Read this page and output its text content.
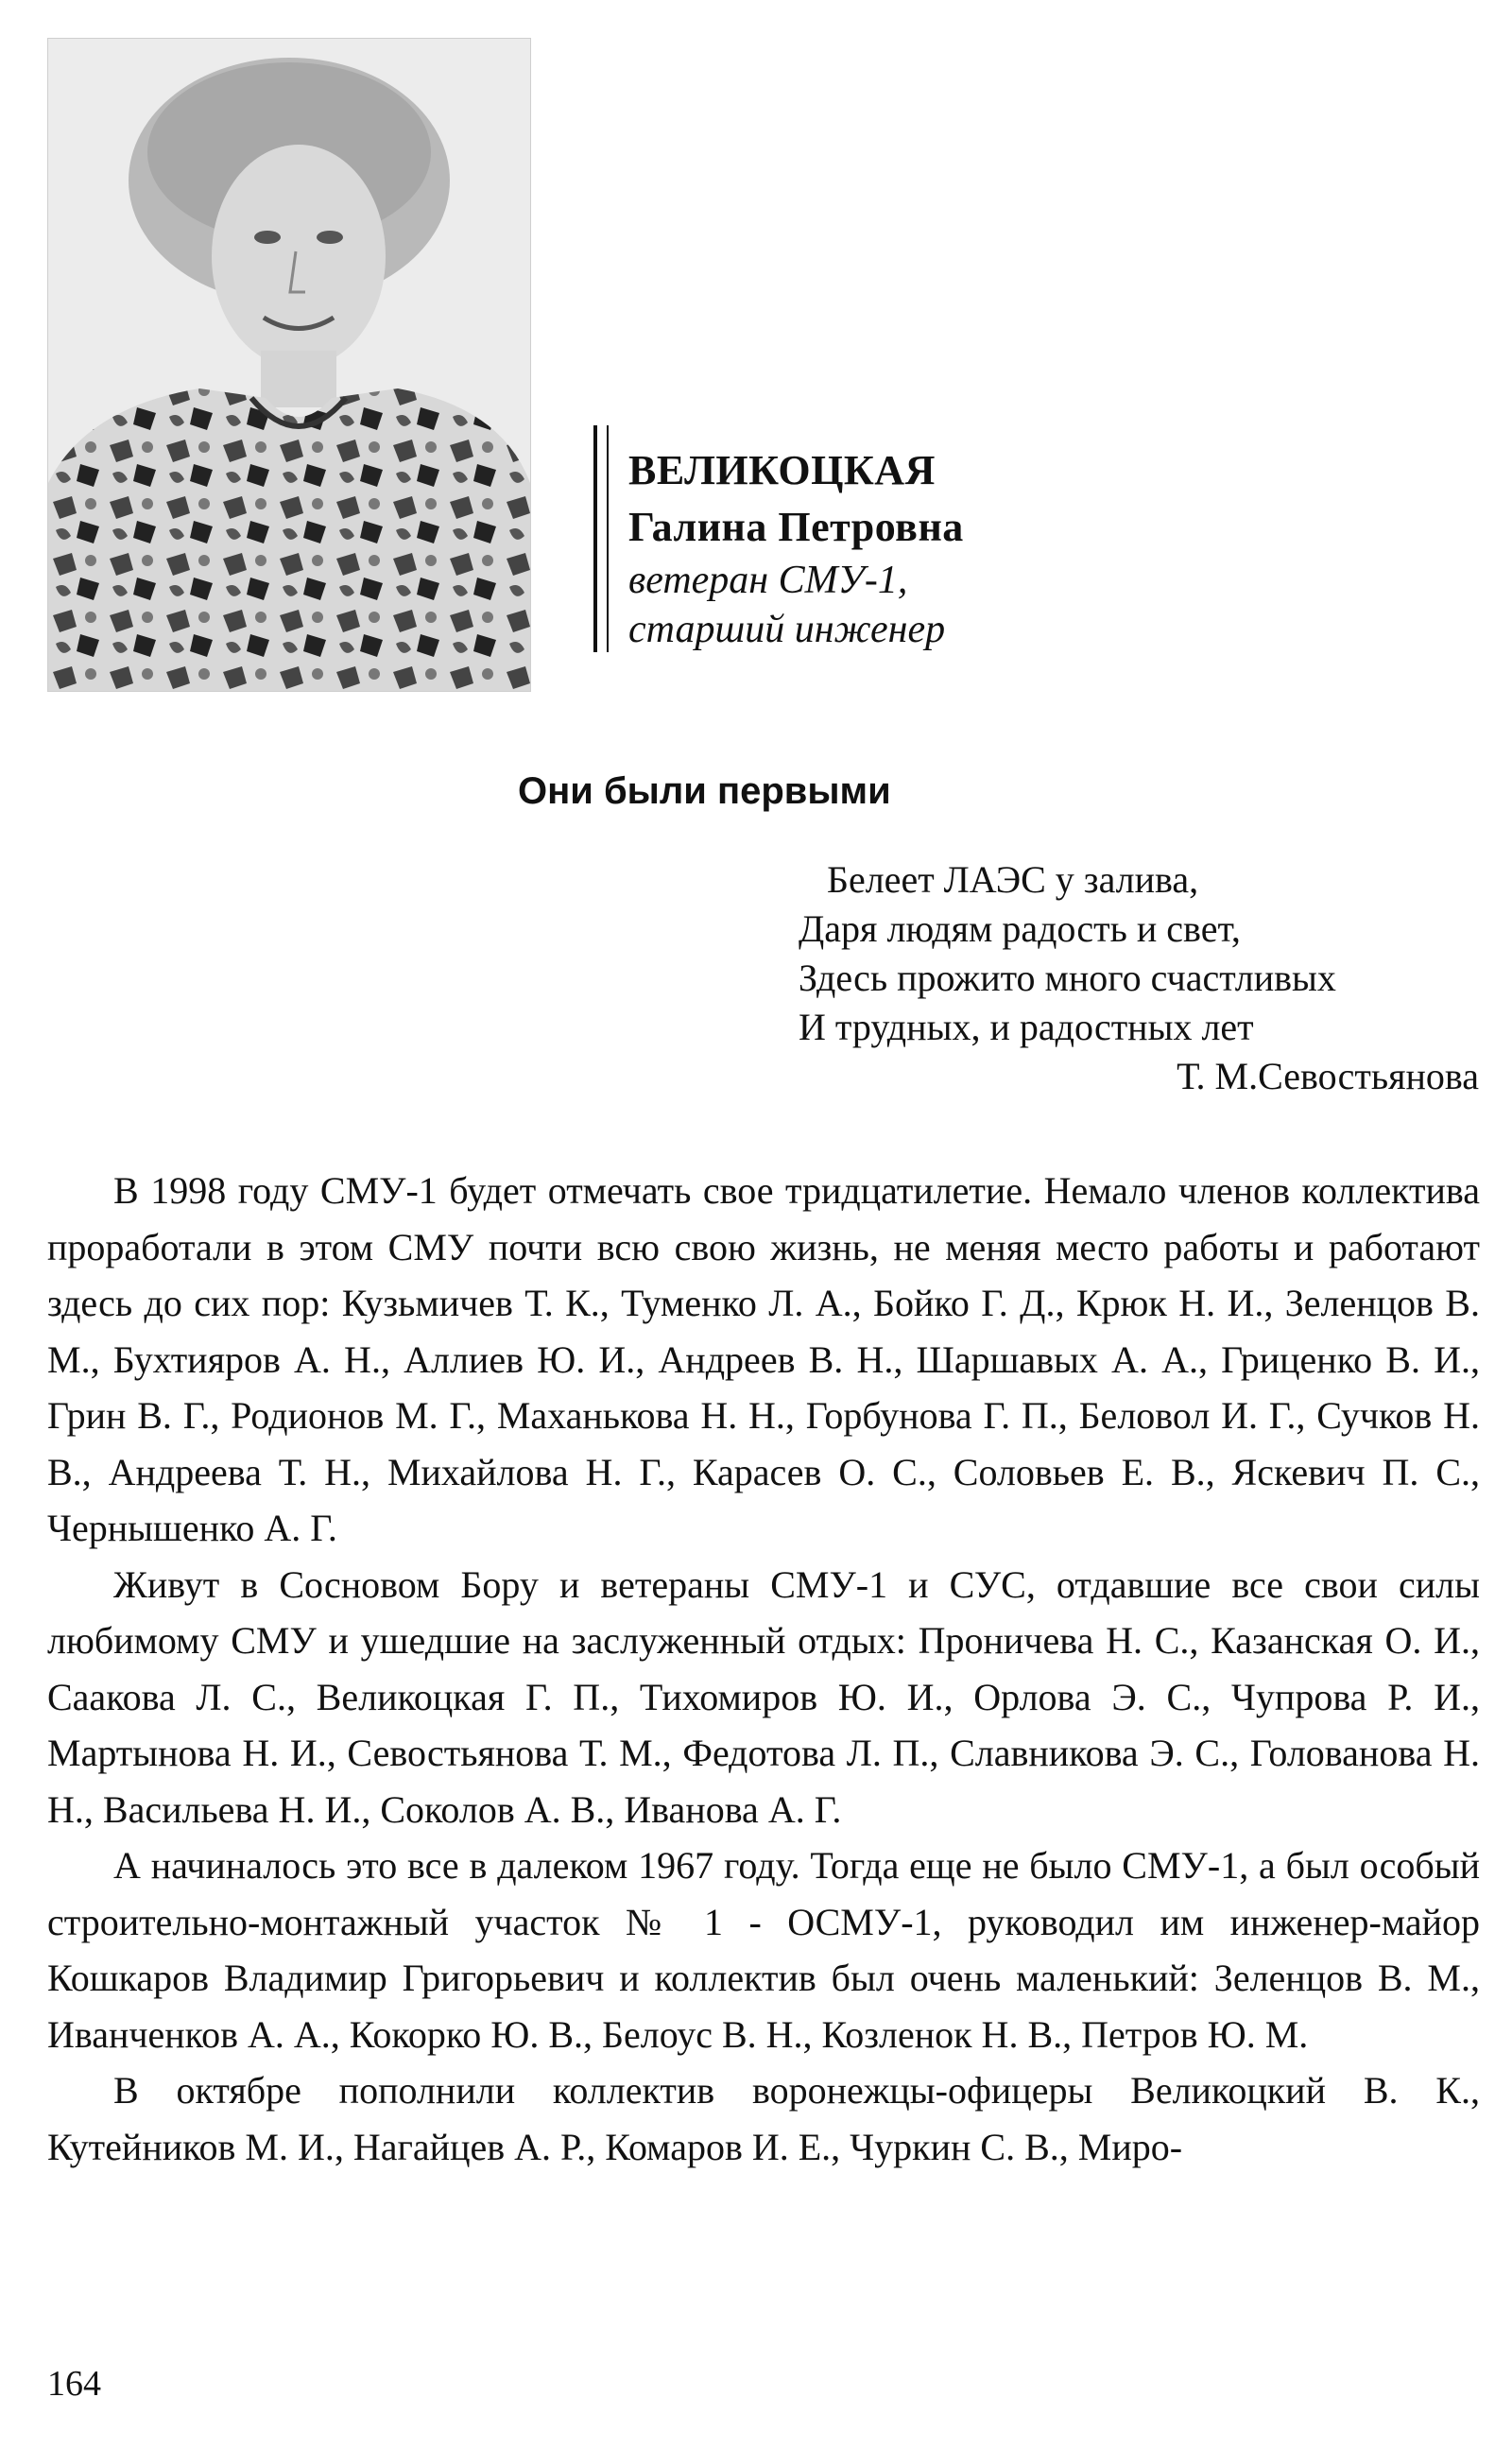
ВЕЛИКОЦКАЯ
Галина Петровна
ветеран СМУ-1,
старший инженер
Они были первыми
Белеет ЛАЭС у залива,
Даря людям радость и свет,
Здесь прожито много счастливых
И трудных, и радостных лет
Т. М.Севостьянова

В 1998 году СМУ-1 будет отмечать свое тридцатилетие. Немало членов коллектива проработали в этом СМУ почти всю свою жизнь, не меняя место работы и работают здесь до сих пор: Кузьмичев Т. К., Туменко Л. А., Бойко Г. Д., Крюк Н. И., Зеленцов В. М., Бухтияров А. Н., Аллиев Ю. И., Андреев В. Н., Шаршавых А. А., Гриценко В. И., Грин В. Г., Родионов М. Г., Маханькова Н. Н., Горбунова Г. П., Беловол И. Г., Сучков Н. В., Андреева Т. Н., Михайлова Н. Г., Карасев О. С., Соловьев Е. В., Яскевич П. С., Чернышенко А. Г.

Живут в Сосновом Бору и ветераны СМУ-1 и СУС, отдавшие все свои силы любимому СМУ и ушедшие на заслуженный отдых: Проничева Н. С., Казанская О. И., Саакова Л. С., Великоцкая Г. П., Тихомиров Ю. И., Орлова Э. С., Чупрова Р. И., Мартынова Н. И., Севостьянова Т. М., Федотова Л. П., Славникова Э. С., Голованова Н. Н., Васильева Н. И., Соколов А. В., Иванова А. Г.

А начиналось это все в далеком 1967 году. Тогда еще не было СМУ-1, а был особый строительно-монтажный участок № 1 - ОСМУ-1, руководил им инженер-майор Кошкаров Владимир Григорьевич и коллектив был очень маленький: Зеленцов В. М., Иванченков А. А., Кокорко Ю. В., Белоус В. Н., Козленок Н. В., Петров Ю. М.

В октябре пополнили коллектив воронежцы-офицеры Великоцкий В. К., Кутейников М. И., Нагайцев А. Р., Комаров И. Е., Чуркин С. В., Миро-

164
